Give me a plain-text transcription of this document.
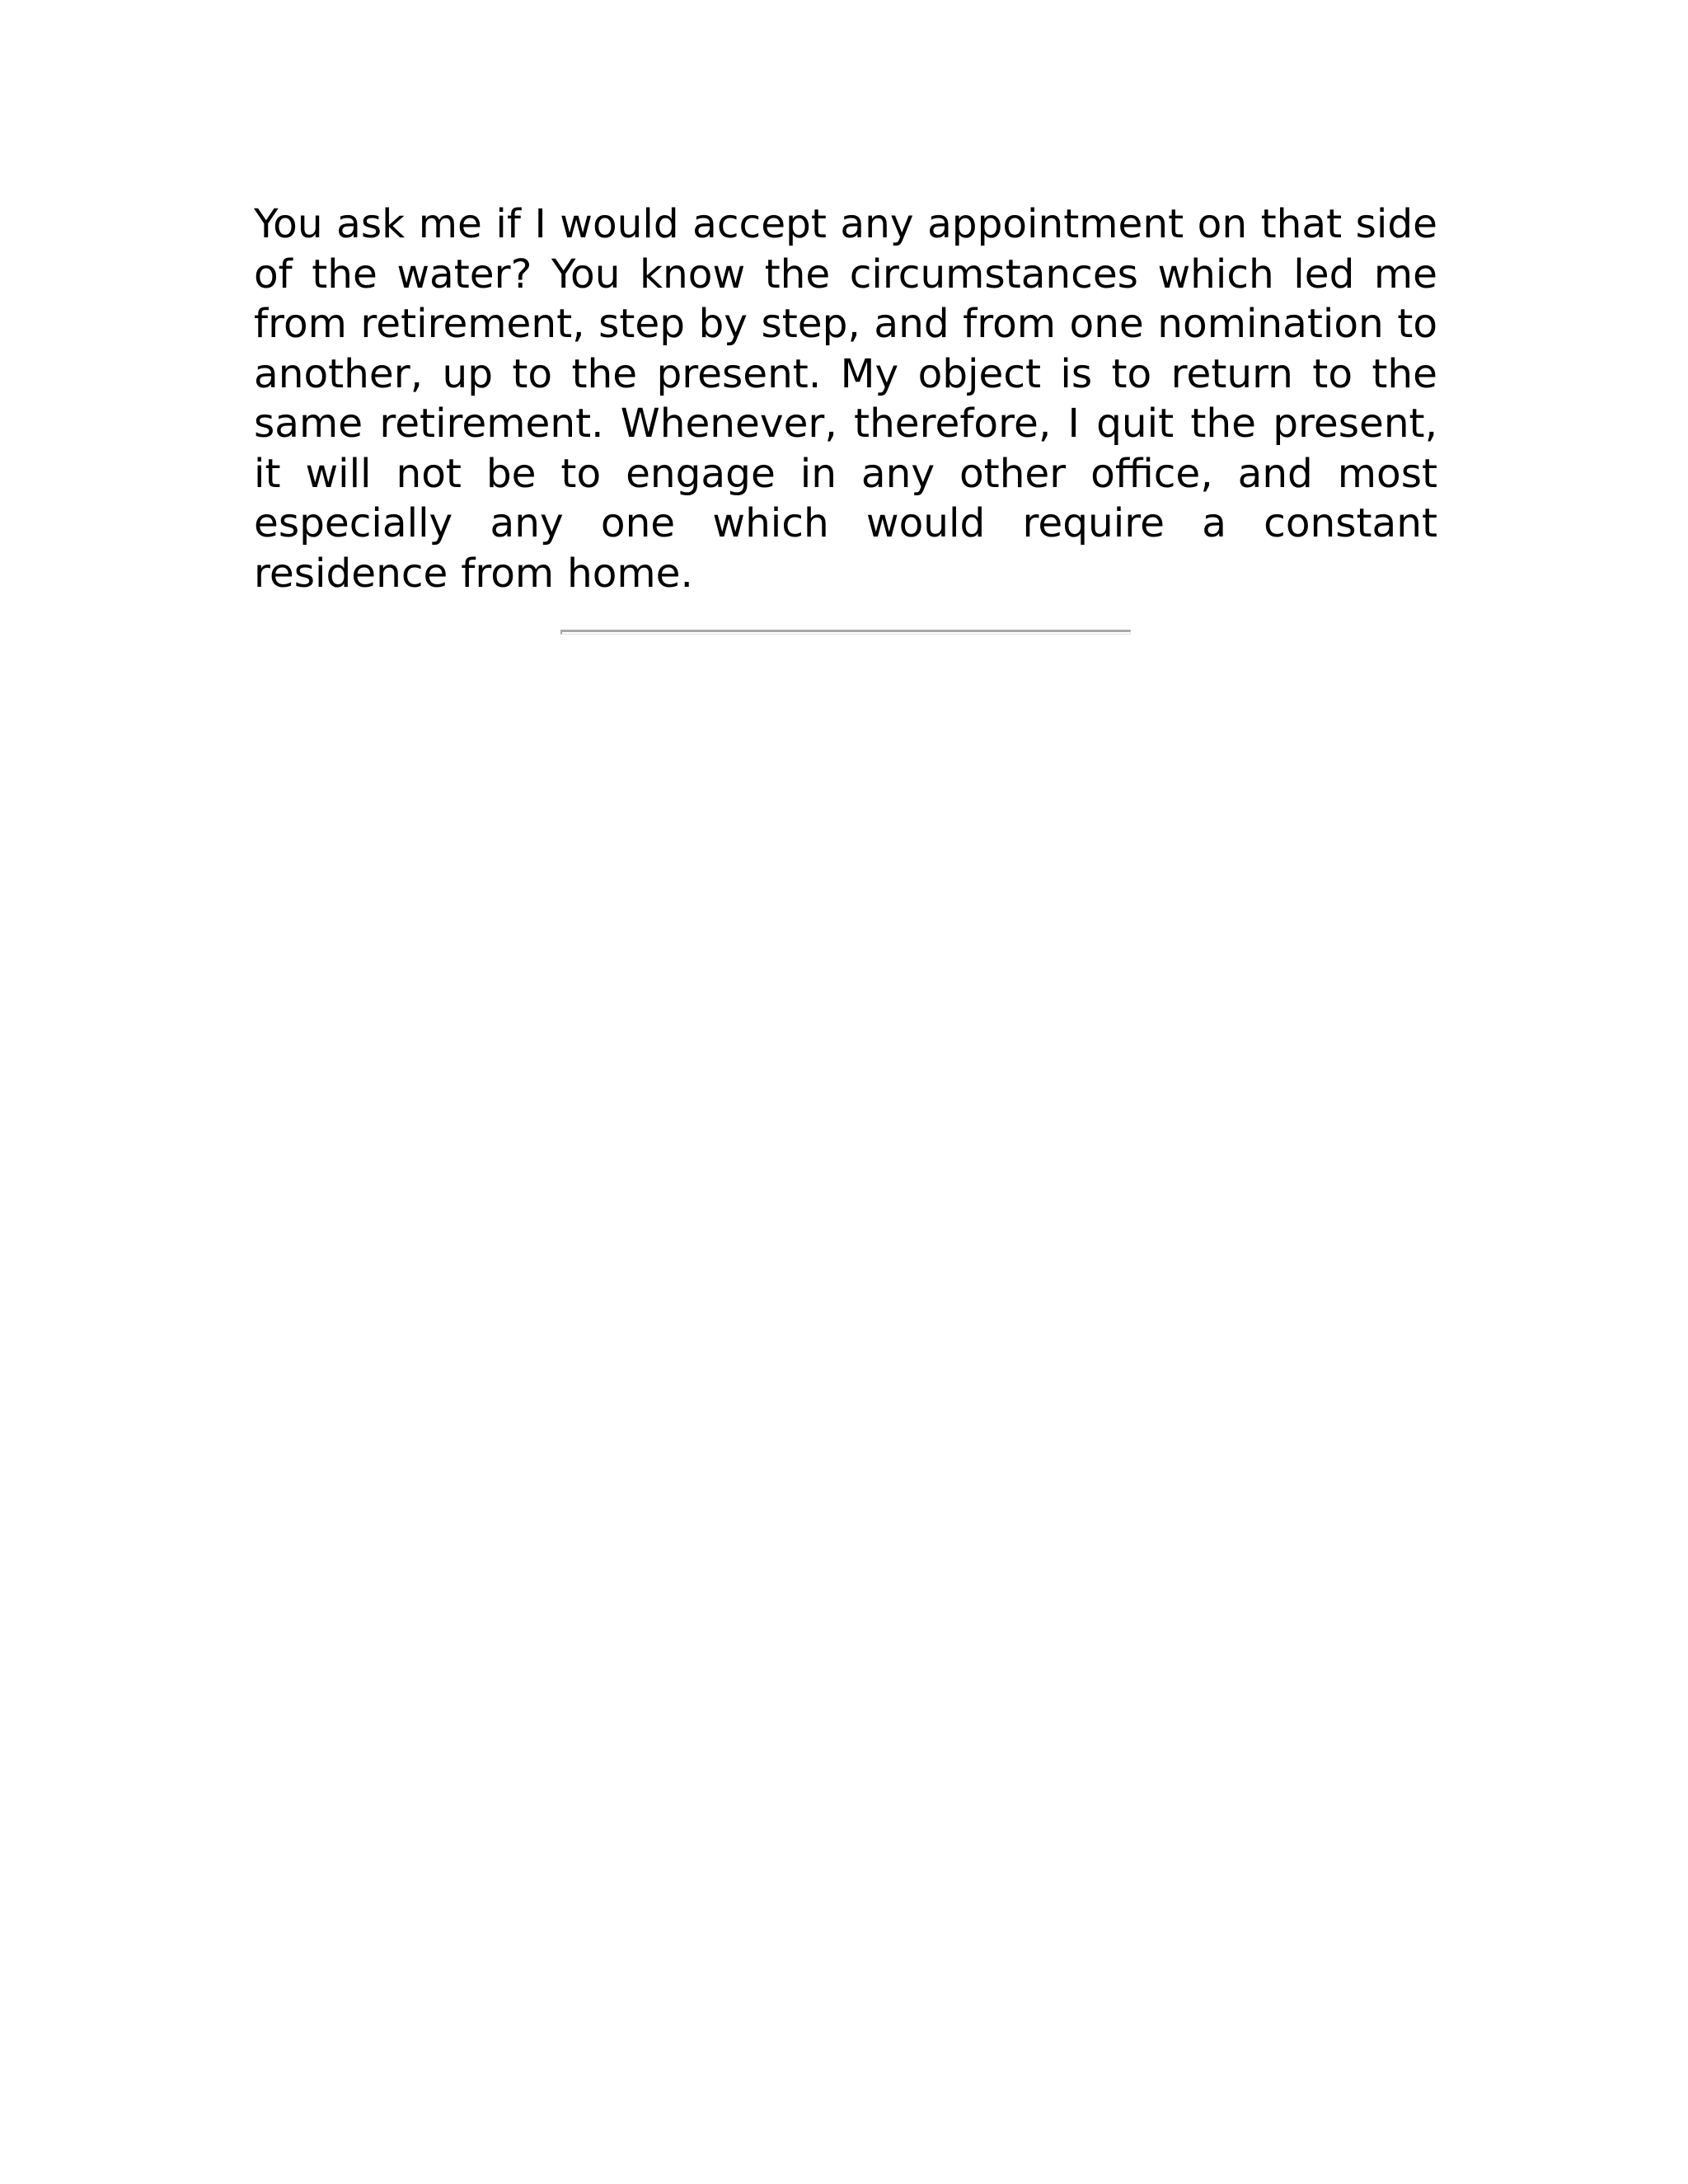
You ask me if I would accept any appointment on that side of the water? You know the circumstances which led me from retirement, step by step, and from one nomination to another, up to the present. My object is to return to the same retirement. Whenever, therefore, I quit the present, it will not be to engage in any other office, and most especially any one which would require a constant residence from home.
